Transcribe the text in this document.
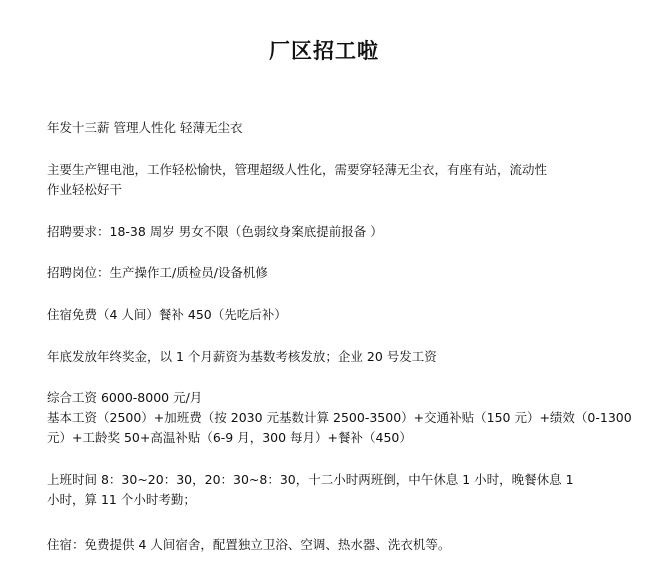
厂区招工啦
年发十三薪 管理人性化 轻薄无尘衣
主要生产锂电池，工作轻松愉快，管理超级人性化，需要穿轻薄无尘衣，有座有站，流动性
作业轻松好干
招聘要求：18-38 周岁 男女不限（色弱纹身案底提前报备 ）
招聘岗位：生产操作工/质检员/设备机修
住宿免费（4 人间）餐补 450（先吃后补）
年底发放年终奖金，以 1 个月薪资为基数考核发放；企业 20 号发工资
综合工资 6000-8000 元/月
基本工资（2500）+加班费（按 2030 元基数计算 2500-3500）+交通补贴（150 元）+绩效（0-1300
元）+工龄奖 50+高温补贴（6-9 月，300 每月）+餐补（450）
上班时间 8：30~20：30，20：30~8：30，十二小时两班倒，中午休息 1 小时，晚餐休息 1
小时，算 11 个小时考勤；
住宿：免费提供 4 人间宿舍，配置独立卫浴、空调、热水器、洗衣机等。
